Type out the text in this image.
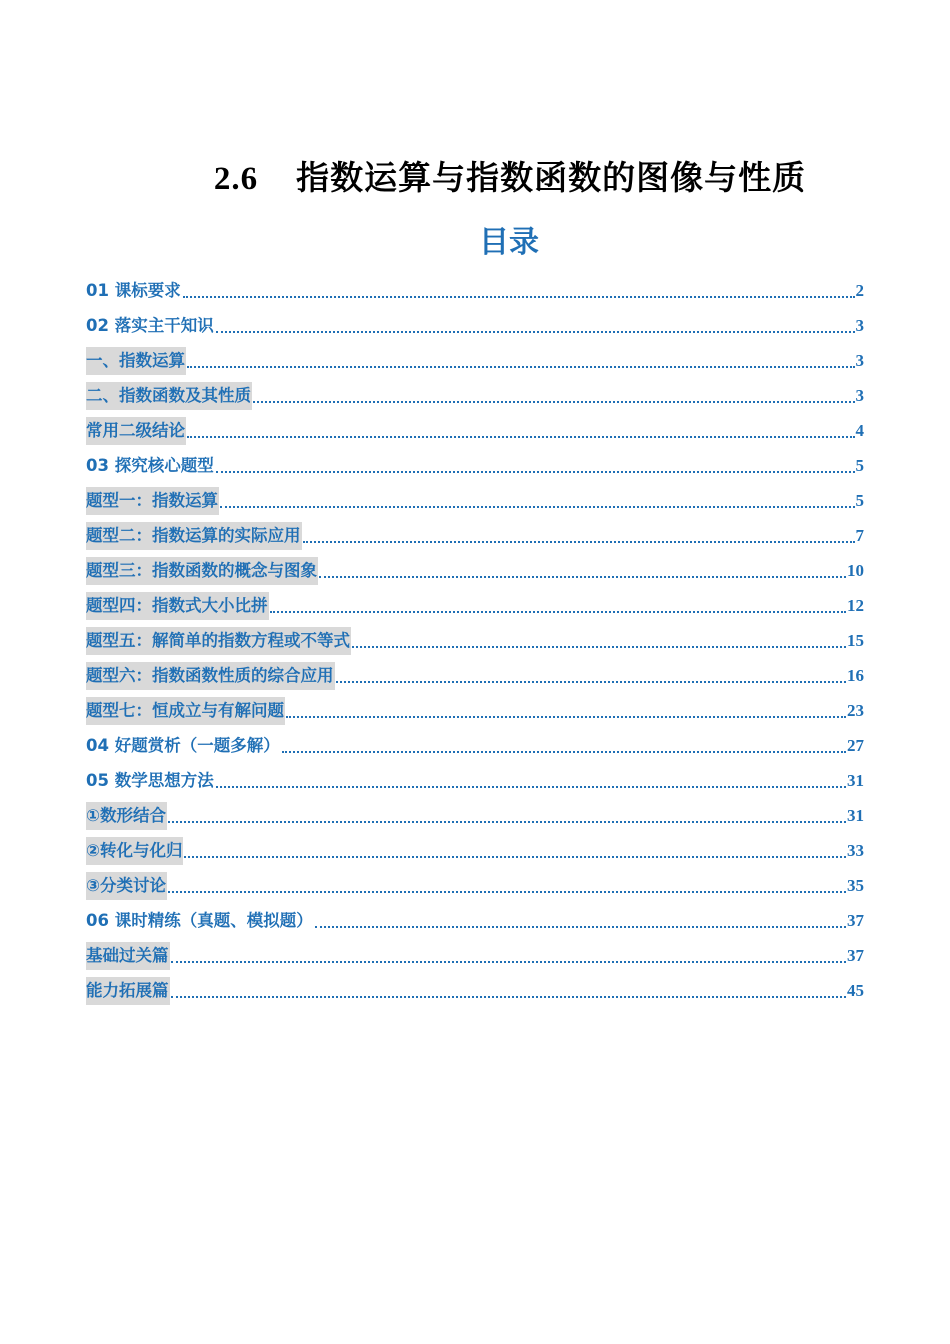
2.6 指数运算与指数函数的图像与性质
目录
01 课标要求	2
02 落实主干知识	3
一、指数运算	3
二、指数函数及其性质	3
常用二级结论	4
03 探究核心题型	5
题型一：指数运算	5
题型二：指数运算的实际应用	7
题型三：指数函数的概念与图象	10
题型四：指数式大小比拼	12
题型五：解简单的指数方程或不等式	15
题型六：指数函数性质的综合应用	16
题型七：恒成立与有解问题	23
04 好题赏析（一题多解）	27
05 数学思想方法	31
①数形结合	31
②转化与化归	33
③分类讨论	35
06 课时精练（真题、模拟题）	37
基础过关篇	37
能力拓展篇	45
